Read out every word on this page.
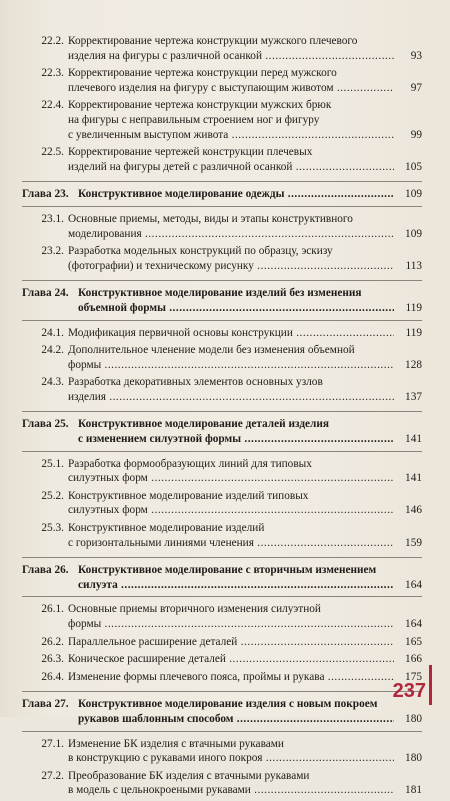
22.2. Корректирование чертежа конструкции мужского плечевого
изделия на фигуры с различной осанкой .....	93
22.3. Корректирование чертежа конструкции перед мужского
плечевого изделия на фигуру с выступающим животом .....	97
22.4. Корректирование чертежа конструкции мужских брюк
на фигуры с неправильным строением ног и фигуру
с увеличенным выступом живота .....	99
22.5. Корректирование чертежей конструкции плечевых
изделий на фигуры детей с различной осанкой .....	105
Глава 23. Конструктивное моделирование одежды .....	109
23.1. Основные приемы, методы, виды и этапы конструктивного
моделирования .....	109
23.2. Разработка модельных конструкций по образцу, эскизу
(фотографии) и техническому рисунку .....	113
Глава 24. Конструктивное моделирование изделий без изменения
объемной формы .....	119
24.1. Модификация первичной основы конструкции .....	119
24.2. Дополнительное членение модели без изменения объемной
формы .....	128
24.3. Разработка декоративных элементов основных узлов
изделия .....	137
Глава 25. Конструктивное моделирование деталей изделия
с изменением силуэтной формы .....	141
25.1. Разработка формообразующих линий для типовых
силуэтных форм .....	141
25.2. Конструктивное моделирование изделий типовых
силуэтных форм .....	146
25.3. Конструктивное моделирование изделий
с горизонтальными линиями членения .....	159
Глава 26. Конструктивное моделирование с вторичным изменением
силуэта .....	164
26.1. Основные приемы вторичного изменения силуэтной
формы .....	164
26.2. Параллельное расширение деталей .....	165
26.3. Коническое расширение деталей .....	166
26.4. Изменение формы плечевого пояса, проймы и рукава .....	175
Глава 27. Конструктивное моделирование изделия с новым покроем
рукавов шаблонным способом .....	180
27.1. Изменение БК изделия с втачными рукавами
в конструкцию с рукавами иного покроя .....	180
27.2. Преобразование БК изделия с втачными рукавами
в модель с цельнокроеными рукавами .....	181
237
